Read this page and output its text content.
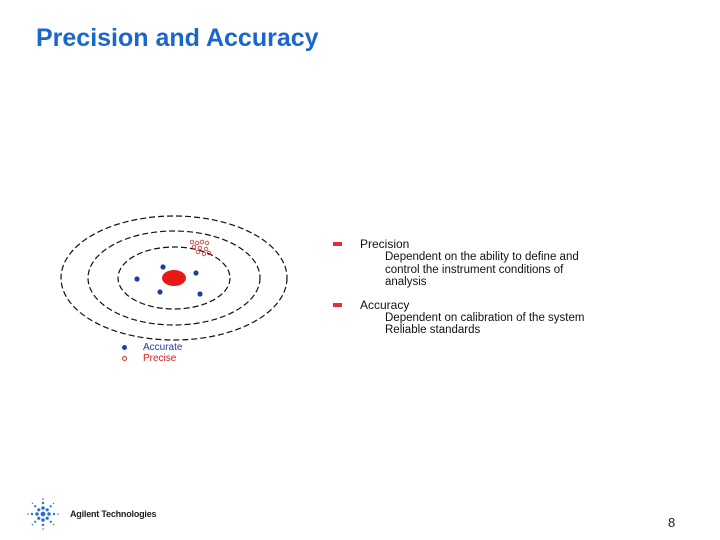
Precision and Accuracy
Accurate
Precise
Precision
Dependent on the ability to define and
control the instrument conditions of
analysis
Accuracy
Dependent on calibration of the system
Reliable standards
Agilent Technologies
8
